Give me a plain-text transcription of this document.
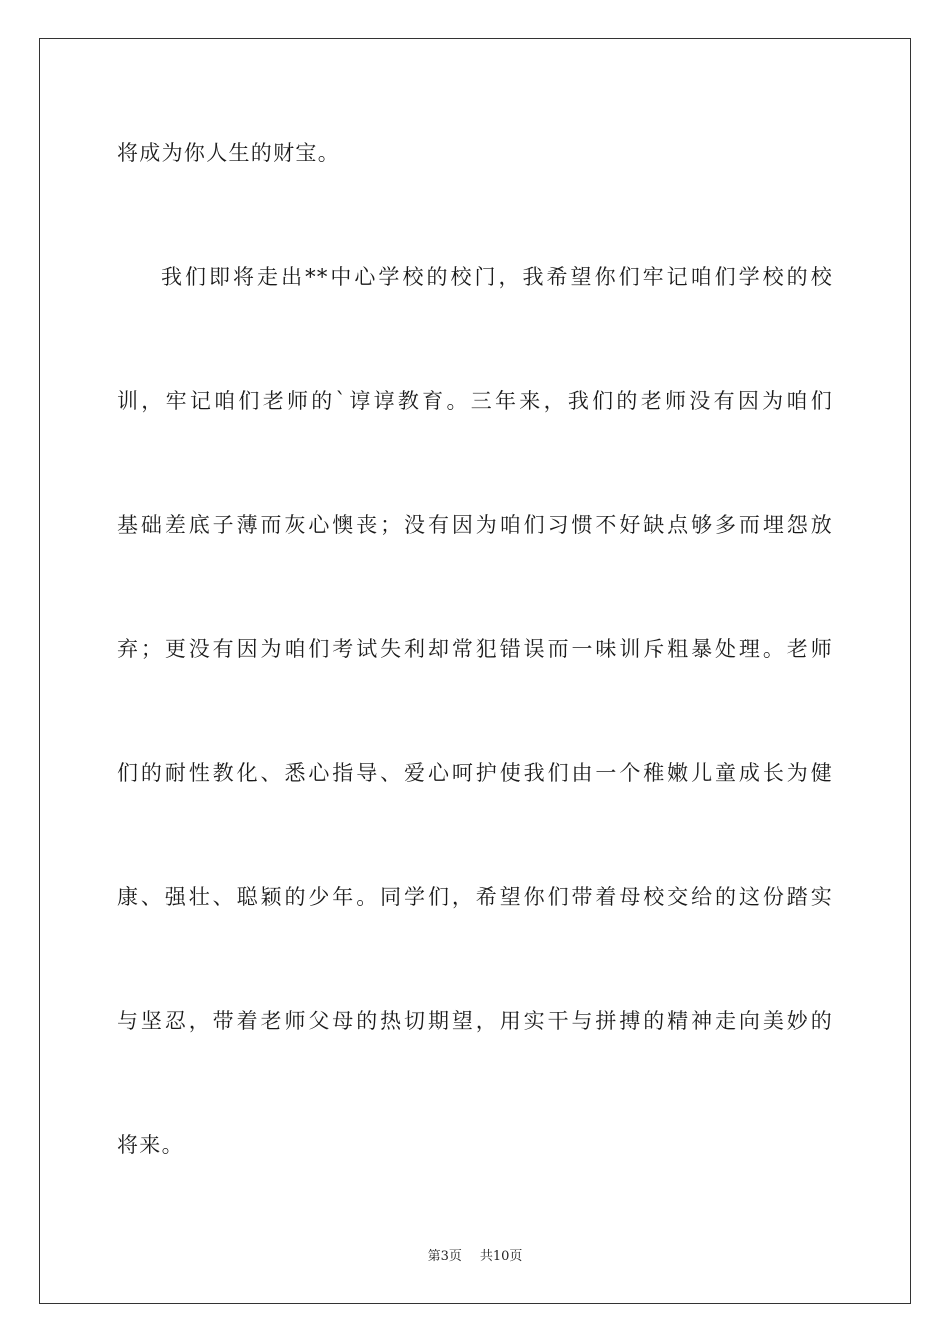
将成为你人生的财宝。
我们即将走出**中心学校的校门，我希望你们牢记咱们学校的校
训，牢记咱们老师的`谆谆教育。三年来，我们的老师没有因为咱们
基础差底子薄而灰心懊丧；没有因为咱们习惯不好缺点够多而埋怨放
弃；更没有因为咱们考试失利却常犯错误而一味训斥粗暴处理。老师
们的耐性教化、悉心指导、爱心呵护使我们由一个稚嫩儿童成长为健
康、强壮、聪颖的少年。同学们，希望你们带着母校交给的这份踏实
与坚忍，带着老师父母的热切期望，用实干与拼搏的精神走向美妙的
将来。
第3页 共10页
